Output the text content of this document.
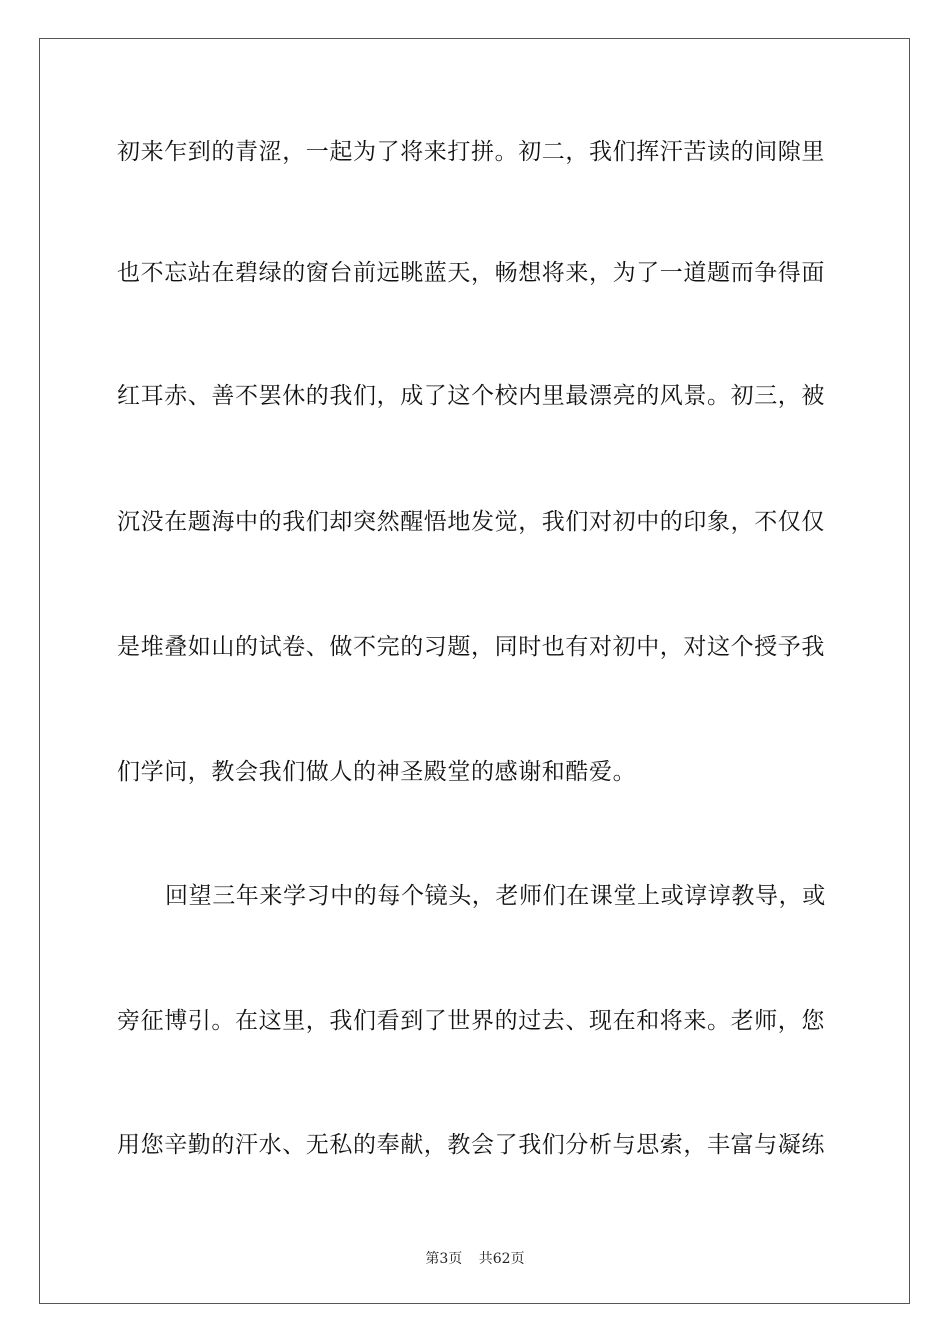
初来乍到的青涩，一起为了将来打拼。初二，我们挥汗苦读的间隙里
也不忘站在碧绿的窗台前远眺蓝天，畅想将来，为了一道题而争得面
红耳赤、善不罢休的我们，成了这个校内里最漂亮的风景。初三，被
沉没在题海中的我们却突然醒悟地发觉，我们对初中的印象，不仅仅
是堆叠如山的试卷、做不完的习题，同时也有对初中，对这个授予我
们学问，教会我们做人的神圣殿堂的感谢和酷爱。
回望三年来学习中的每个镜头，老师们在课堂上或谆谆教导，或
旁征博引。在这里，我们看到了世界的过去、现在和将来。老师，您
用您辛勤的汗水、无私的奉献，教会了我们分析与思索，丰富与凝练
第3页 共62页
